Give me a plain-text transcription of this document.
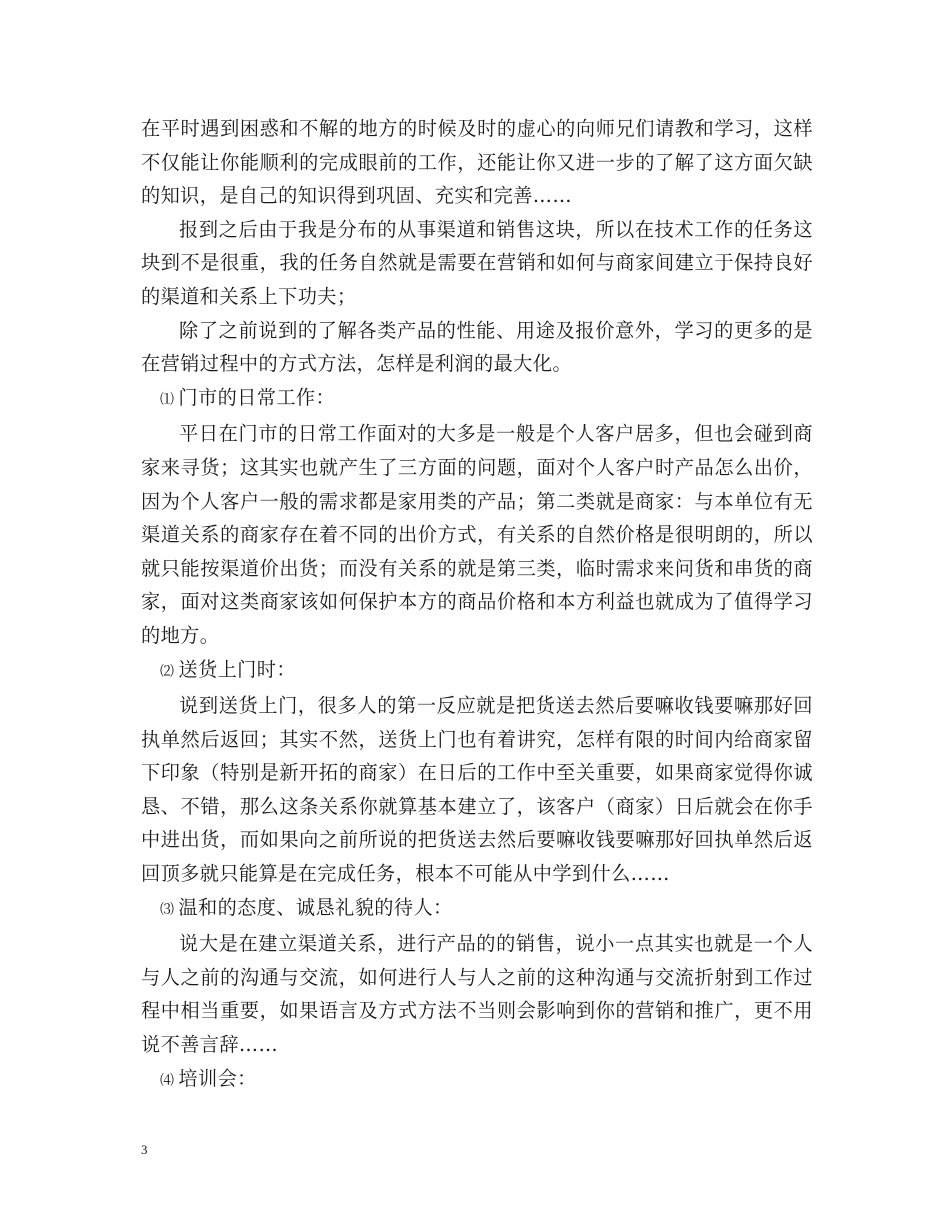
在平时遇到困惑和不解的地方的时候及时的虚心的向师兄们请教和学习，这样不仅能让你能顺利的完成眼前的工作，还能让你又进一步的了解了这方面欠缺的知识，是自己的知识得到巩固、充实和完善……

报到之后由于我是分布的从事渠道和销售这块，所以在技术工作的任务这块到不是很重，我的任务自然就是需要在营销和如何与商家间建立于保持良好的渠道和关系上下功夫；

除了之前说到的了解各类产品的性能、用途及报价意外，学习的更多的是在营销过程中的方式方法，怎样是利润的最大化。

⑴ 门市的日常工作：

平日在门市的日常工作面对的大多是一般是个人客户居多，但也会碰到商家来寻货；这其实也就产生了三方面的问题，面对个人客户时产品怎么出价，因为个人客户一般的需求都是家用类的产品；第二类就是商家：与本单位有无渠道关系的商家存在着不同的出价方式，有关系的自然价格是很明朗的，所以就只能按渠道价出货；而没有关系的就是第三类，临时需求来问货和串货的商家，面对这类商家该如何保护本方的商品价格和本方利益也就成为了值得学习的地方。

⑵ 送货上门时：

说到送货上门，很多人的第一反应就是把货送去然后要嘛收钱要嘛那好回执单然后返回；其实不然，送货上门也有着讲究，怎样有限的时间内给商家留下印象（特别是新开拓的商家）在日后的工作中至关重要，如果商家觉得你诚恳、不错，那么这条关系你就算基本建立了，该客户（商家）日后就会在你手中进出货，而如果向之前所说的把货送去然后要嘛收钱要嘛那好回执单然后返回顶多就只能算是在完成任务，根本不可能从中学到什么……

⑶ 温和的态度、诚恳礼貌的待人：

说大是在建立渠道关系，进行产品的的销售，说小一点其实也就是一个人与人之前的沟通与交流，如何进行人与人之前的这种沟通与交流折射到工作过程中相当重要，如果语言及方式方法不当则会影响到你的营销和推广，更不用说不善言辞……

⑷ 培训会：

3
